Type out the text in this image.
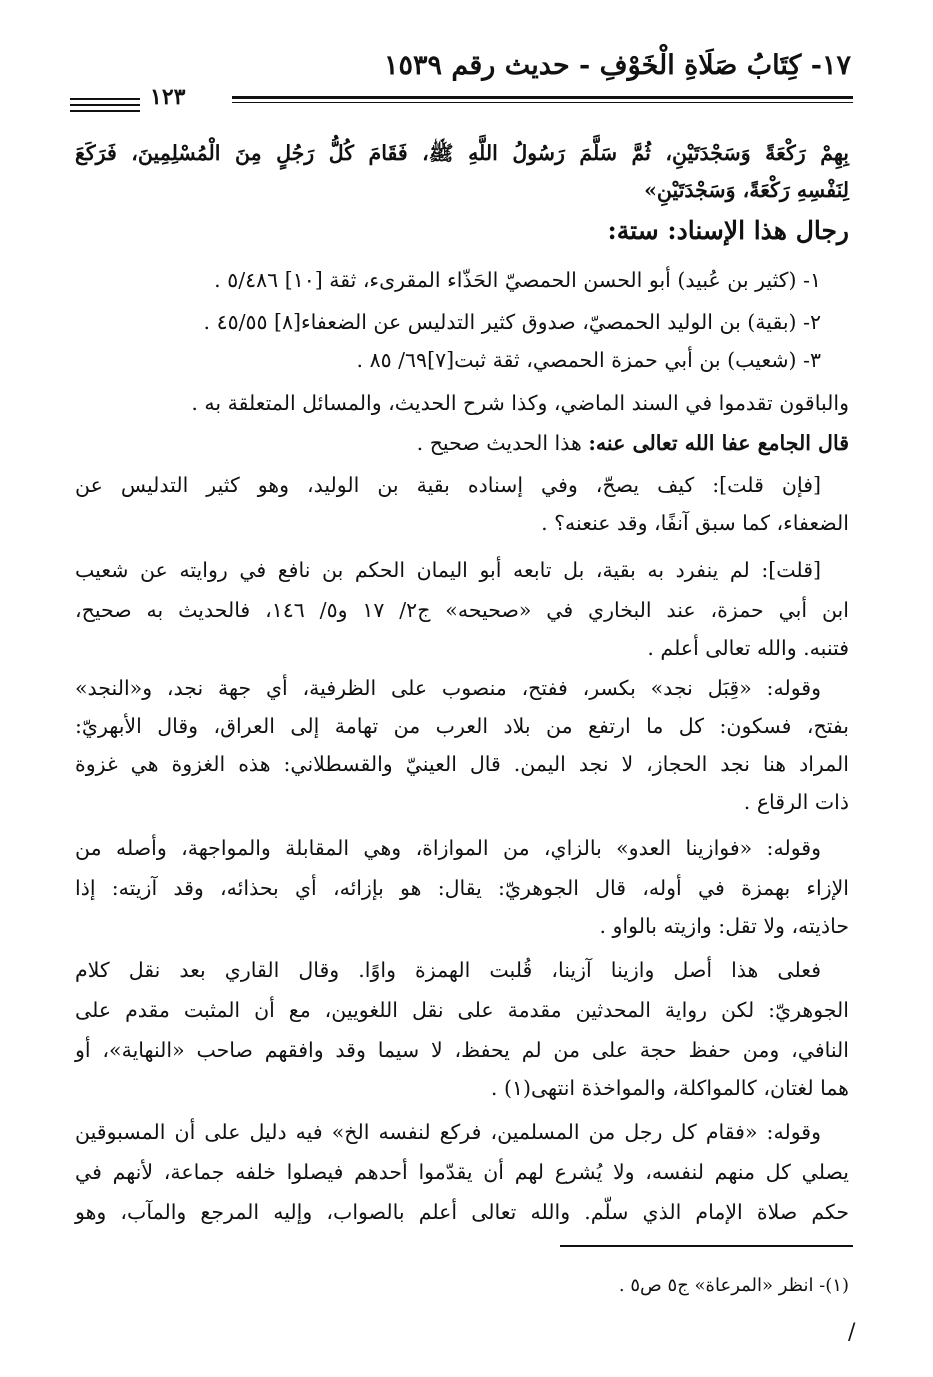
١٧- كِتَابُ صَلَاةِ الْخَوْفِ - حديث رقم ١٥٣٩
١٢٣
بِهِمْ رَكْعَةً وَسَجْدَتَيْنِ، ثُمَّ سَلَّمَ رَسُولُ اللَّهِ ﷺ، فَقَامَ كُلُّ رَجُلٍ مِنَ الْمُسْلِمِينَ، فَرَكَعَ
لِنَفْسِهِ رَكْعَةً، وَسَجْدَتَيْنِ»
رجال هذا الإسناد: ستة:
١- (كثير بن عُبيد) أبو الحسن الحمصيّ الحَذّاء المقرىء، ثقة [١٠] ٥/٤٨٦ .
٢- (بقية) بن الوليد الحمصيّ، صدوق كثير التدليس عن الضعفاء[٨] ٤٥/٥٥ .
٣- (شعيب) بن أبي حمزة الحمصي، ثقة ثبت[٧]٦٩/ ٨٥ .
والباقون تقدموا في السند الماضي، وكذا شرح الحديث، والمسائل المتعلقة به .
قال الجامع عفا الله تعالى عنه: هذا الحديث صحيح .
[فإن قلت]: كيف يصحّ، وفي إسناده بقية بن الوليد، وهو كثير التدليس عن
الضعفاء، كما سبق آنفًا، وقد عنعنه؟ .
[قلت]: لم ينفرد به بقية، بل تابعه أبو اليمان الحكم بن نافع في روايته عن شعيب
ابن أبي حمزة، عند البخاري في «صحيحه» ج٢/ ١٧ و٥/ ١٤٦، فالحديث به صحيح،
فتنبه. والله تعالى أعلم .
وقوله: «قِبَل نجد» بكسر، ففتح، منصوب على الظرفية، أي جهة نجد، و«النجد»
بفتح، فسكون: كل ما ارتفع من بلاد العرب من تهامة إلى العراق، وقال الأبهريّ:
المراد هنا نجد الحجاز، لا نجد اليمن. قال العينيّ والقسطلاني: هذه الغزوة هي غزوة
ذات الرقاع .
وقوله: «فوازينا العدو» بالزاي، من الموازاة، وهي المقابلة والمواجهة، وأصله من
الإزاء بهمزة في أوله، قال الجوهريّ: يقال: هو بإزائه، أي بحذائه، وقد آزيته: إذا
حاذيته، ولا تقل: وازيته بالواو .
فعلى هذا أصل وازينا آزينا، قُلبت الهمزة واوًا. وقال القاري بعد نقل كلام
الجوهريّ: لكن رواية المحدثين مقدمة على نقل اللغويين، مع أن المثبت مقدم على
النافي، ومن حفظ حجة على من لم يحفظ، لا سيما وقد وافقهم صاحب «النهاية»، أو
هما لغتان، كالمواكلة، والمواخذة انتهى(١) .
وقوله: «فقام كل رجل من المسلمين، فركع لنفسه الخ» فيه دليل على أن المسبوقين
يصلي كل منهم لنفسه، ولا يُشرع لهم أن يقدّموا أحدهم فيصلوا خلفه جماعة، لأنهم في
حكم صلاة الإمام الذي سلّم. والله تعالى أعلم بالصواب، وإليه المرجع والمآب، وهو
(١)- انظر «المرعاة» ج٥ ص٥ .
/
